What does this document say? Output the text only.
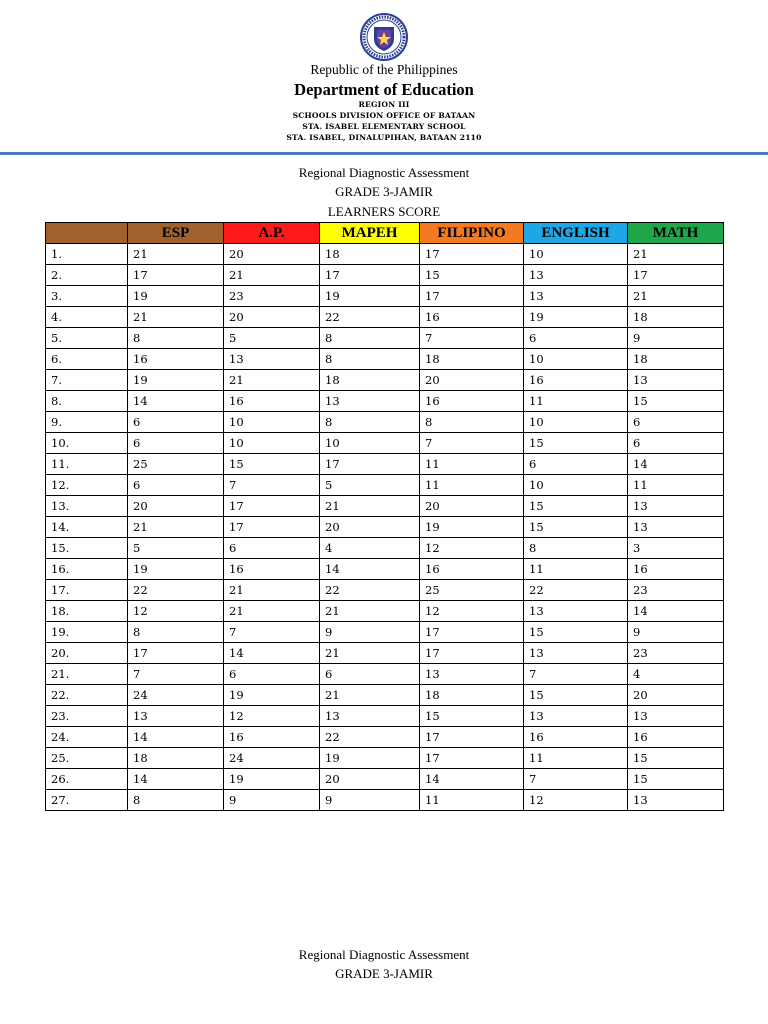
Republic of the Philippines
Department of Education
REGION III
SCHOOLS DIVISION OFFICE OF BATAAN
STA. ISABEL ELEMENTARY SCHOOL
STA. ISABEL, DINALUPIHAN, BATAAN 2110
Regional Diagnostic Assessment
GRADE 3-JAMIR
LEARNERS SCORE
	ESP	A.P.	MAPEH	FILIPINO	ENGLISH	MATH
1.	21	20	18	17	10	21
2.	17	21	17	15	13	17
3.	19	23	19	17	13	21
4.	21	20	22	16	19	18
5.	8	5	8	7	6	9
6.	16	13	8	18	10	18
7.	19	21	18	20	16	13
8.	14	16	13	16	11	15
9.	6	10	8	8	10	6
10.	6	10	10	7	15	6
11.	25	15	17	11	6	14
12.	6	7	5	11	10	11
13.	20	17	21	20	15	13
14.	21	17	20	19	15	13
15.	5	6	4	12	8	3
16.	19	16	14	16	11	16
17.	22	21	22	25	22	23
18.	12	21	21	12	13	14
19.	8	7	9	17	15	9
20.	17	14	21	17	13	23
21.	7	6	6	13	7	4
22.	24	19	21	18	15	20
23.	13	12	13	15	13	13
24.	14	16	22	17	16	16
25.	18	24	19	17	11	15
26.	14	19	20	14	7	15
27.	8	9	9	11	12	13
Regional Diagnostic Assessment
GRADE 3-JAMIR
